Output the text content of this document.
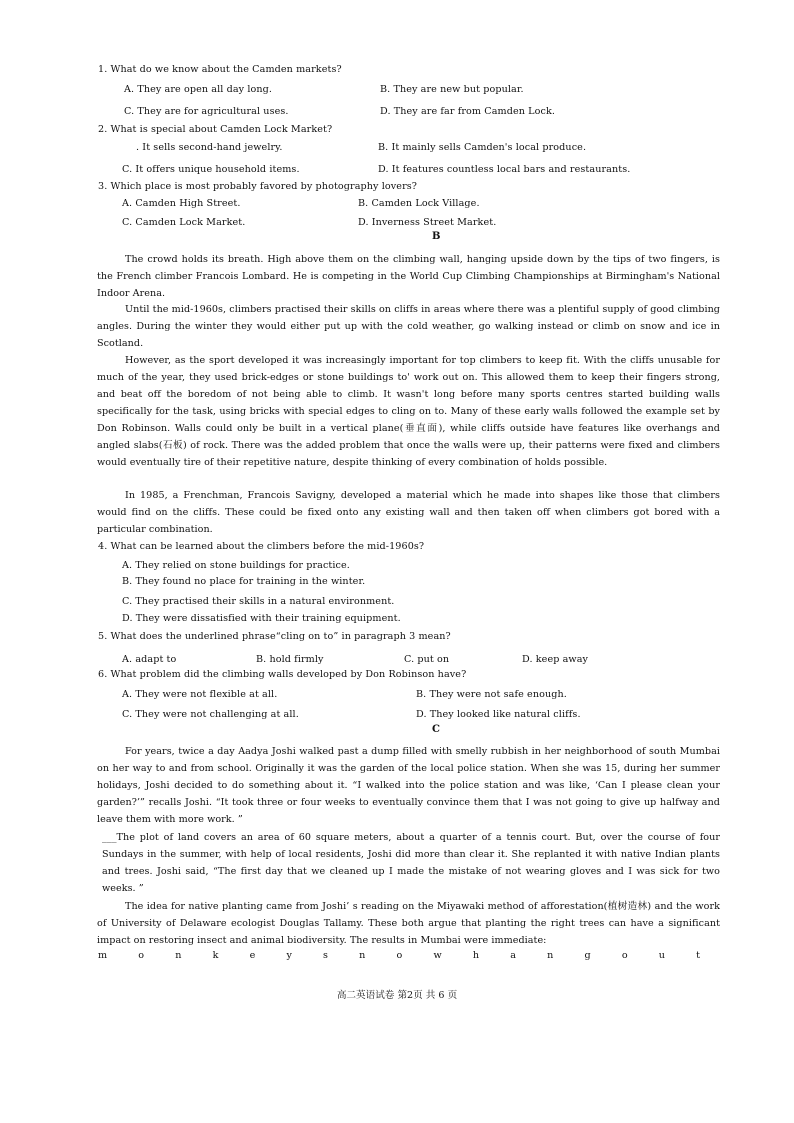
1. What do we know about the Camden markets?
A. They are open all day long.	B. They are new but popular.
C. They are for agricultural uses.	D. They are far from Camden Lock.
2. What is special about Camden Lock Market?
. It sells second-hand jewelry.	B. It mainly sells Camden's local produce.
C. It offers unique household items.	D. It features countless local bars and restaurants.
3. Which place is most probably favored by photography lovers?
A. Camden High Street.	B. Camden Lock Village.
C. Camden Lock Market.	D. Inverness Street Market.
B
The crowd holds its breath. High above them on the climbing wall, hanging upside down by the tips of two fingers, is the French climber Francois Lombard. He is competing in the World Cup Climbing Championships at Birmingham's National Indoor Arena.
Until the mid-1960s, climbers practised their skills on cliffs in areas where there was a plentiful supply of good climbing angles. During the winter they would either put up with the cold weather, go walking instead or climb on snow and ice in Scotland.
However, as the sport developed it was increasingly important for top climbers to keep fit. With the cliffs unusable for much of the year, they used brick-edges or stone buildings to' work out on. This allowed them to keep their fingers strong, and beat off the boredom of not being able to climb. It wasn't long before many sports centres started building walls specifically for the task, using bricks with special edges to cling on to. Many of these early walls followed the example set by Don Robinson. Walls could only be built in a vertical plane(垂直面), while cliffs outside have features like overhangs and angled slabs(石板) of rock. There was the added problem that once the walls were up, their patterns were fixed and climbers would eventually tire of their repetitive nature, despite thinking of every combination of holds possible.
In 1985, a Frenchman, Francois Savigny, developed a material which he made into shapes like those that climbers would find on the cliffs. These could be fixed onto any existing wall and then taken off when climbers got bored with a particular combination.
4. What can be learned about the climbers before the mid-1960s?
A. They relied on stone buildings for practice.
B. They found no place for training in the winter.
C. They practised their skills in a natural environment.
D. They were dissatisfied with their training equipment.
5. What does the underlined phrase“cling on to” in paragraph 3 mean?
A. adapt to	B. hold firmly	C. put on	D. keep away
6. What problem did the climbing walls developed by Don Robinson have?
A. They were not flexible at all.	B. They were not safe enough.
C. They were not challenging at all.	D. They looked like natural cliffs.
C
For years, twice a day Aadya Joshi walked past a dump filled with smelly rubbish in her neighborhood of south Mumbai on her way to and from school. Originally it was the garden of the local police station. When she was 15, during her summer holidays, Joshi decided to do something about it. “I walked into the police station and was like, ‘Can I please clean your garden?’” recalls Joshi. “It took three or four weeks to eventually convince them that I was not going to give up halfway and leave them with more work. ”
___The plot of land covers an area of 60 square meters, about a quarter of a tennis court. But, over the course of four Sundays in the summer, with help of local residents, Joshi did more than clear it. She replanted it with native Indian plants and trees. Joshi said, “The first day that we cleaned up I made the mistake of not wearing gloves and I was sick for two weeks. ”
The idea for native planting came from Joshi’ s reading on the Miyawaki method of afforestation(植树造林) and the work of University of Delaware ecologist Douglas Tallamy. These both argue that planting the right trees can have a significant impact on restoring insect and animal biodiversity. The results in Mumbai were immediate:
m	o	n	k	e	y	s	n	o	w	h	a	n	g	o	u	t
高二英语试卷 第2页 共 6 页
